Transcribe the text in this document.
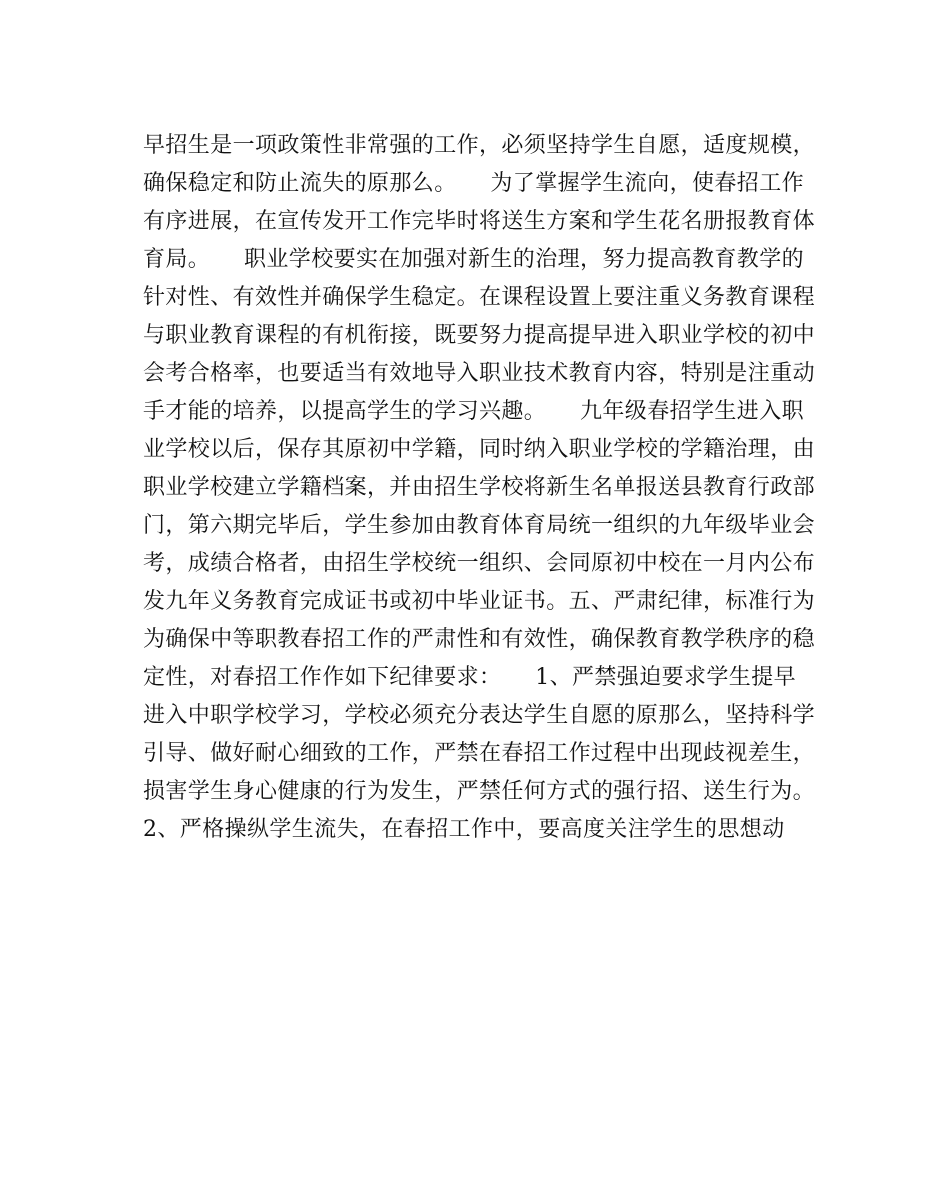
早招生是一项政策性非常强的工作，必须坚持学生自愿，适度规模，
确保稳定和防止流失的原那么。　　为了掌握学生流向，使春招工作
有序进展，在宣传发开工作完毕时将送生方案和学生花名册报教育体
育局。　　职业学校要实在加强对新生的治理，努力提高教育教学的
针对性、有效性并确保学生稳定。在课程设置上要注重义务教育课程
与职业教育课程的有机衔接，既要努力提高提早进入职业学校的初中
会考合格率，也要适当有效地导入职业技术教育内容，特别是注重动
手才能的培养，以提高学生的学习兴趣。　　九年级春招学生进入职
业学校以后，保存其原初中学籍，同时纳入职业学校的学籍治理，由
职业学校建立学籍档案，并由招生学校将新生名单报送县教育行政部
门，第六期完毕后，学生参加由教育体育局统一组织的九年级毕业会
考，成绩合格者，由招生学校统一组织、会同原初中校在一月内公布
发九年义务教育完成证书或初中毕业证书。五、严肃纪律，标准行为
为确保中等职教春招工作的严肃性和有效性，确保教育教学秩序的稳
定性，对春招工作作如下纪律要求：　　1、严禁强迫要求学生提早
进入中职学校学习，学校必须充分表达学生自愿的原那么，坚持科学
引导、做好耐心细致的工作，严禁在春招工作过程中出现歧视差生，
损害学生身心健康的行为发生，严禁任何方式的强行招、送生行为。
2、严格操纵学生流失，在春招工作中，要高度关注学生的思想动
